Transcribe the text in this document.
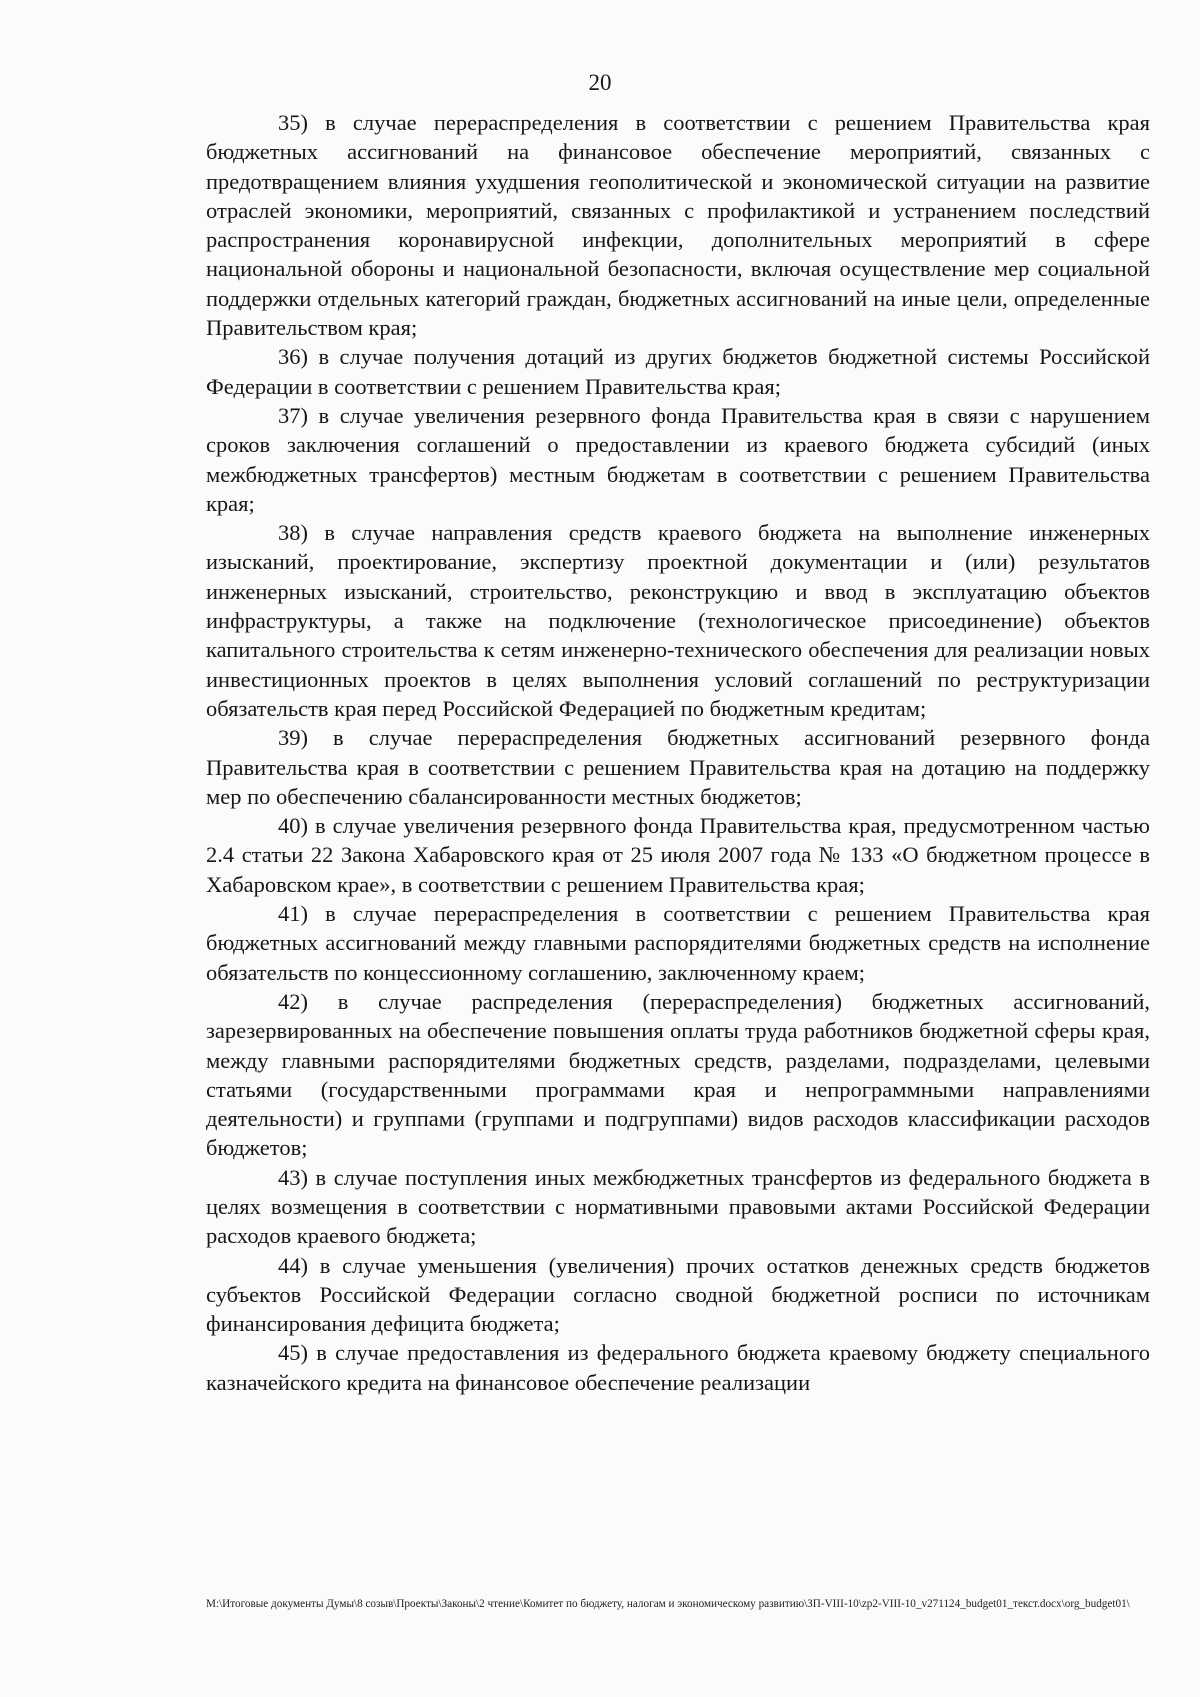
20

35) в случае перераспределения в соответствии с решением Правительства края бюджетных ассигнований на финансовое обеспечение мероприятий, связанных с предотвращением влияния ухудшения геополитической и экономической ситуации на развитие отраслей экономики, мероприятий, связанных с профилактикой и устранением последствий распространения коронавирусной инфекции, дополнительных мероприятий в сфере национальной обороны и национальной безопасности, включая осуществление мер социальной поддержки отдельных категорий граждан, бюджетных ассигнований на иные цели, определенные Правительством края;

36) в случае получения дотаций из других бюджетов бюджетной системы Российской Федерации в соответствии с решением Правительства края;

37) в случае увеличения резервного фонда Правительства края в связи с нарушением сроков заключения соглашений о предоставлении из краевого бюджета субсидий (иных межбюджетных трансфертов) местным бюджетам в соответствии с решением Правительства края;

38) в случае направления средств краевого бюджета на выполнение инженерных изысканий, проектирование, экспертизу проектной документации и (или) результатов инженерных изысканий, строительство, реконструкцию и ввод в эксплуатацию объектов инфраструктуры, а также на подключение (технологическое присоединение) объектов капитального строительства к сетям инженерно-технического обеспечения для реализации новых инвестиционных проектов в целях выполнения условий соглашений по реструктуризации обязательств края перед Российской Федерацией по бюджетным кредитам;

39) в случае перераспределения бюджетных ассигнований резервного фонда Правительства края в соответствии с решением Правительства края на дотацию на поддержку мер по обеспечению сбалансированности местных бюджетов;

40) в случае увеличения резервного фонда Правительства края, предусмотренном частью 2.4 статьи 22 Закона Хабаровского края от 25 июля 2007 года № 133 «О бюджетном процессе в Хабаровском крае», в соответствии с решением Правительства края;

41) в случае перераспределения в соответствии с решением Правительства края бюджетных ассигнований между главными распорядителями бюджетных средств на исполнение обязательств по концессионному соглашению, заключенному краем;

42) в случае распределения (перераспределения) бюджетных ассигнований, зарезервированных на обеспечение повышения оплаты труда работников бюджетной сферы края, между главными распорядителями бюджетных средств, разделами, подразделами, целевыми статьями (государственными программами края и непрограммными направлениями деятельности) и группами (группами и подгруппами) видов расходов классификации расходов бюджетов;

43) в случае поступления иных межбюджетных трансфертов из федерального бюджета в целях возмещения в соответствии с нормативными правовыми актами Российской Федерации расходов краевого бюджета;

44) в случае уменьшения (увеличения) прочих остатков денежных средств бюджетов субъектов Российской Федерации согласно сводной бюджетной росписи по источникам финансирования дефицита бюджета;

45) в случае предоставления из федерального бюджета краевому бюджету специального казначейского кредита на финансовое обеспечение реализации

М:\Итоговые документы Думы\8 созыв\Проекты\Законы\2 чтение\Комитет по бюджету, налогам и экономическому развитию\ЗП-VIII-10\zp2-VIII-10_v271124_budget01_текст.docx\org_budget01\
